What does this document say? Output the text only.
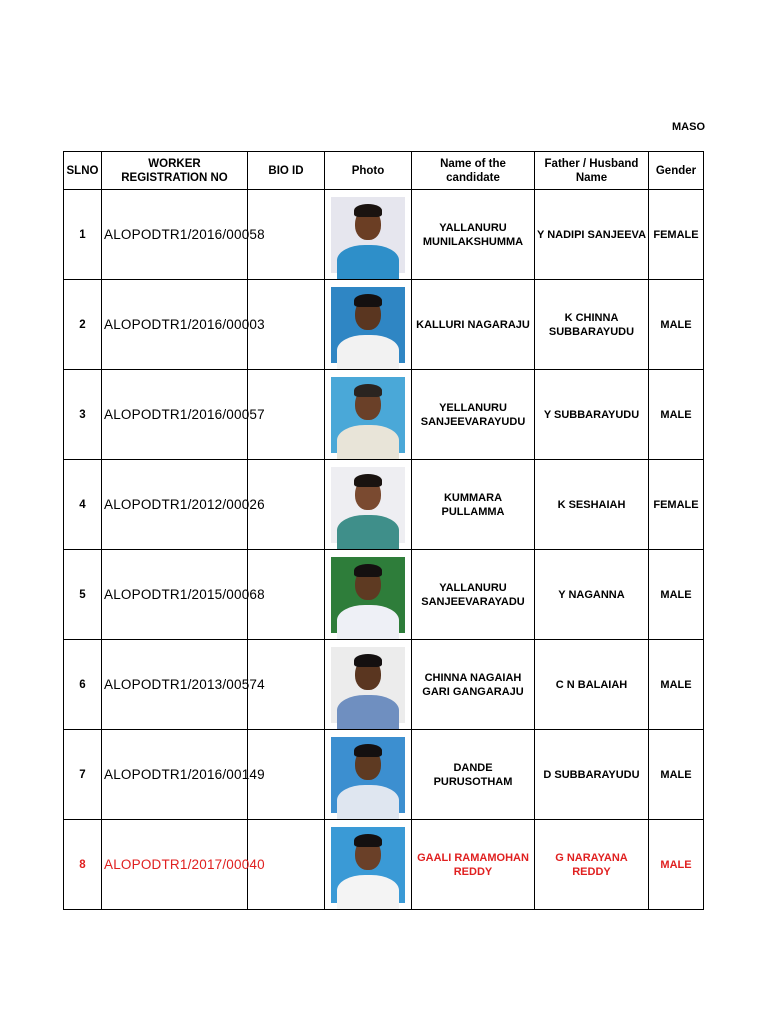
MASO
SLNO	WORKER REGISTRATION NO	BIO ID	Photo	Name of the candidate	Father / Husband Name	Gender
1	ALOPODTR1/2016/00058			YALLANURU MUNILAKSHUMMA	Y NADIPI SANJEEVA	FEMALE
2	ALOPODTR1/2016/00003			KALLURI NAGARAJU	K CHINNA SUBBARAYUDU	MALE
3	ALOPODTR1/2016/00057			YELLANURU SANJEEVARAYUDU	Y SUBBARAYUDU	MALE
4	ALOPODTR1/2012/00026			KUMMARA PULLAMMA	K SESHAIAH	FEMALE
5	ALOPODTR1/2015/00068			YALLANURU SANJEEVARAYADU	Y NAGANNA	MALE
6	ALOPODTR1/2013/00574			CHINNA NAGAIAH GARI GANGARAJU	C N BALAIAH	MALE
7	ALOPODTR1/2016/00149			DANDE PURUSOTHAM	D SUBBARAYUDU	MALE
8	ALOPODTR1/2017/00040			GAALI RAMAMOHAN REDDY	G NARAYANA REDDY	MALE
